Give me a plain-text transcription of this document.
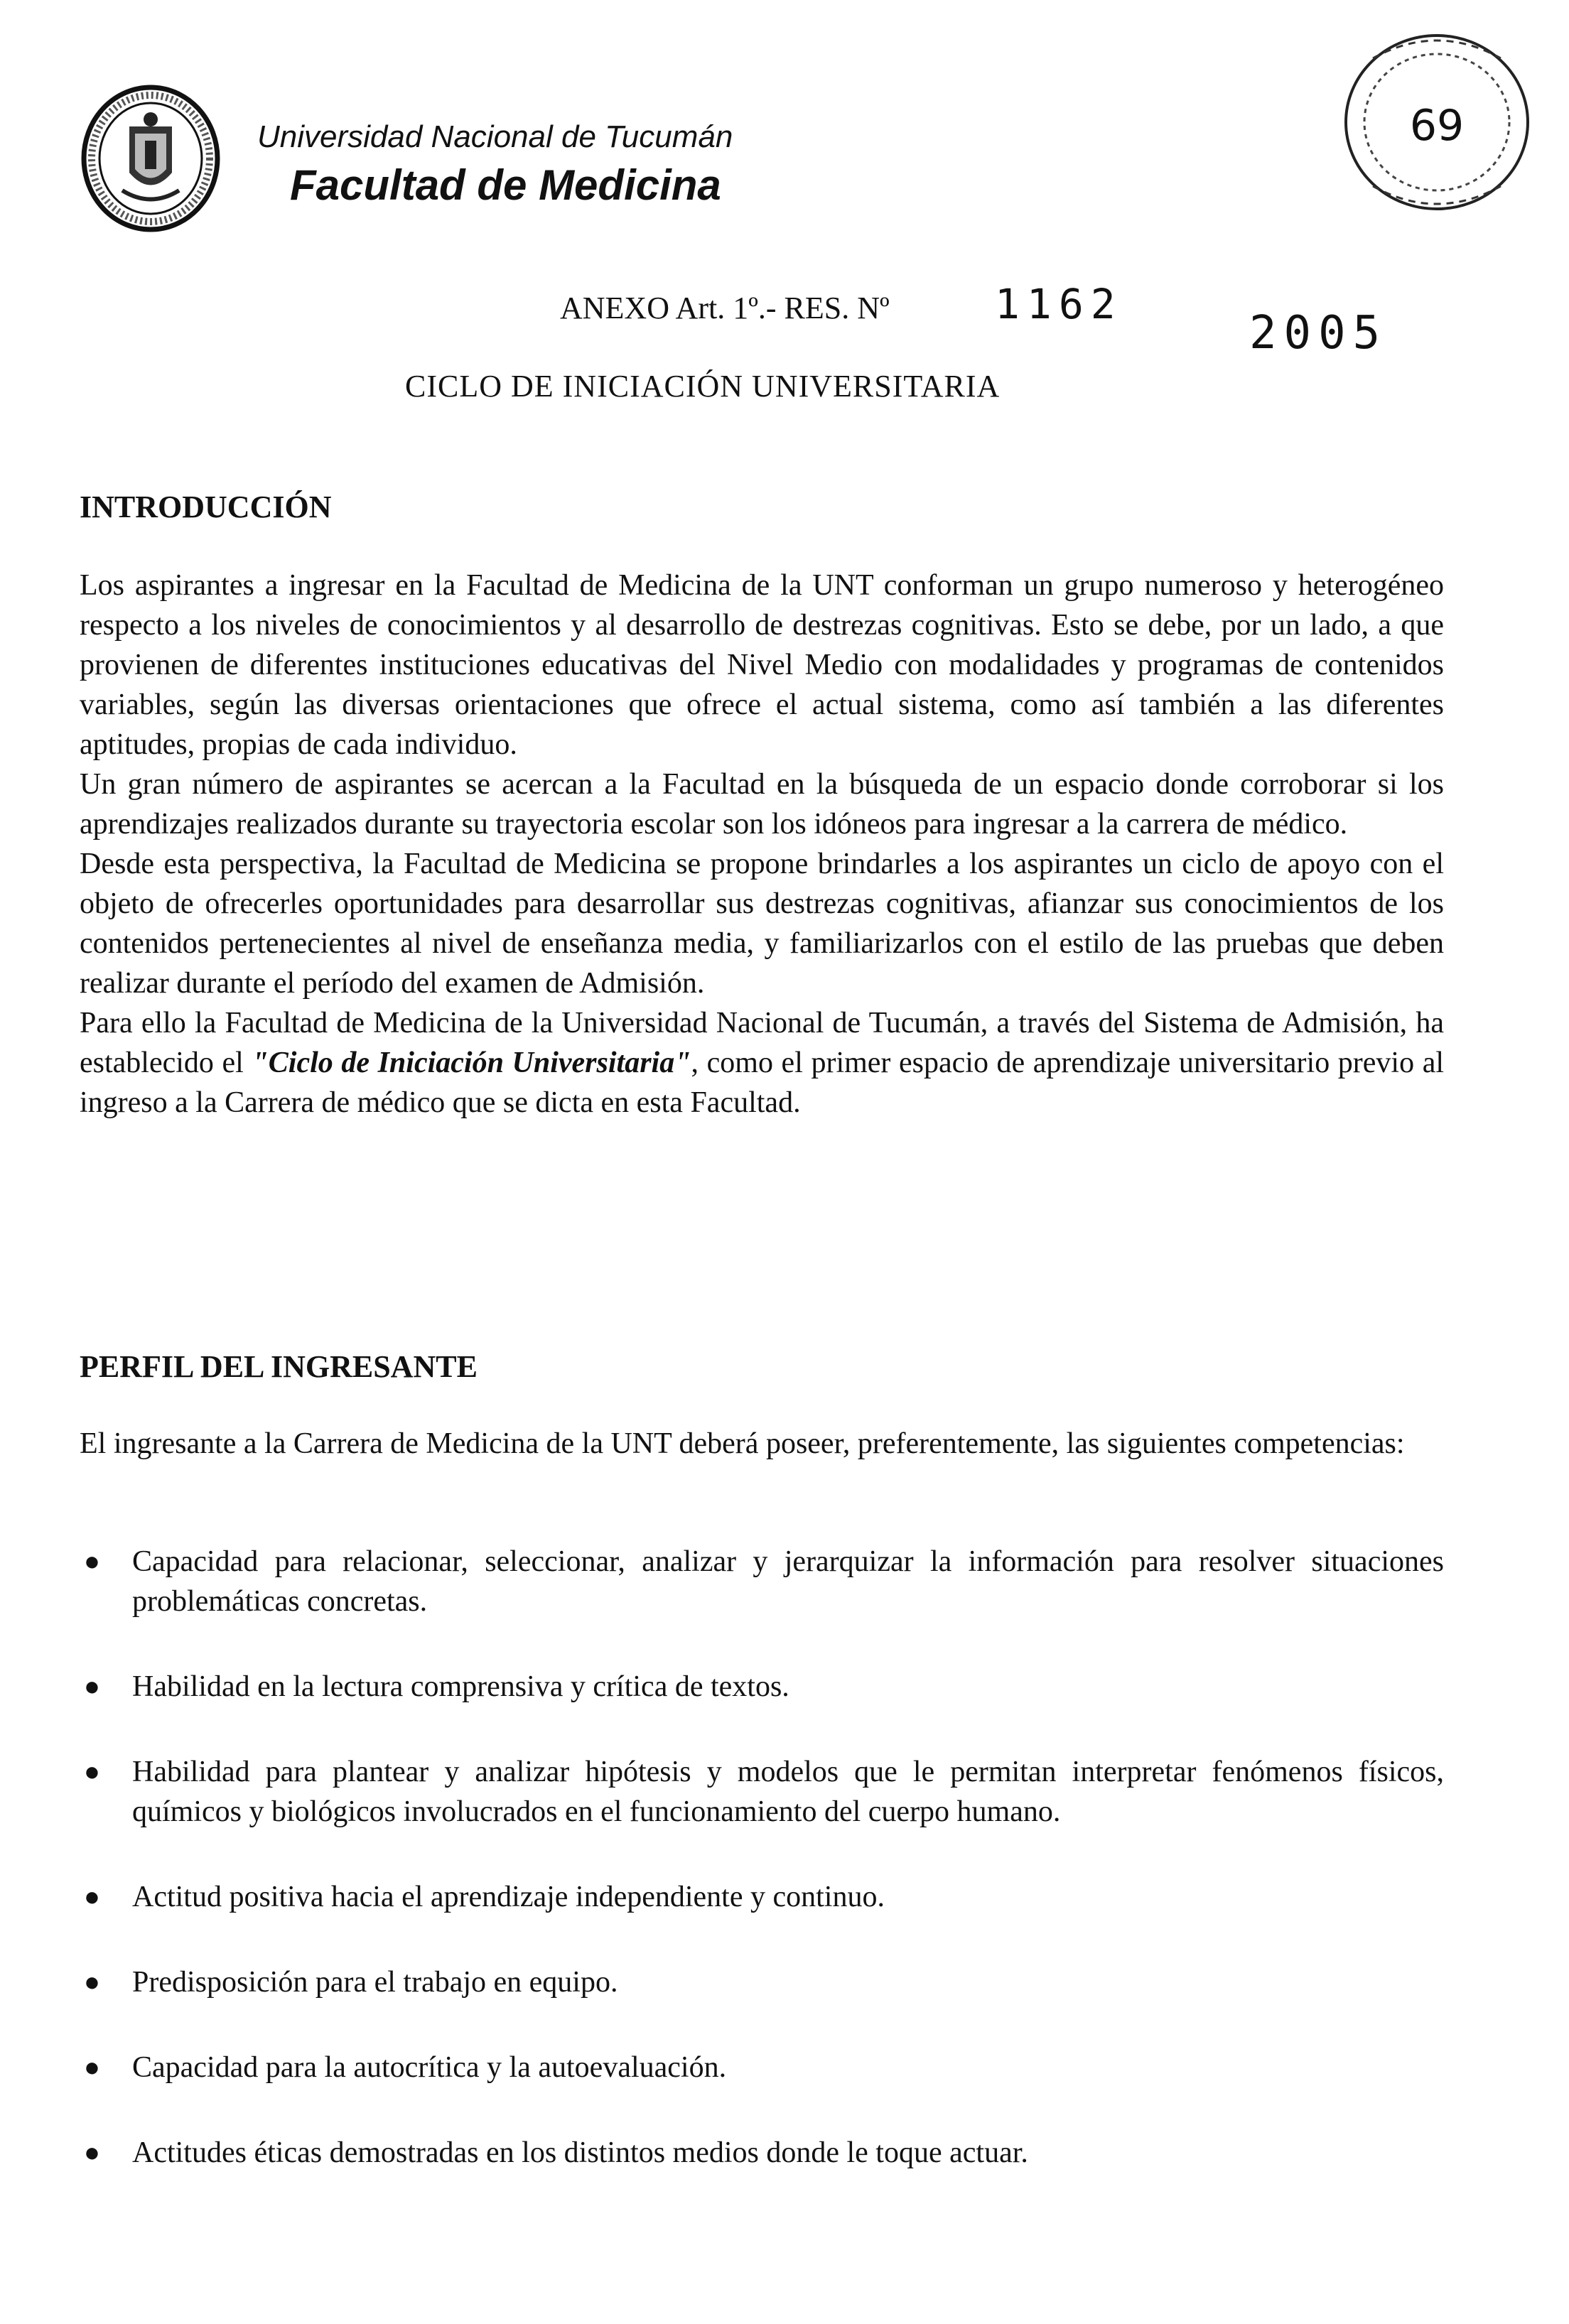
Universidad Nacional de Tucumán
Facultad de Medicina
69
ANEXO Art. 1º.- RES. Nº	1162
2005
CICLO DE INICIACIÓN UNIVERSITARIA
INTRODUCCIÓN

Los aspirantes a ingresar en la Facultad de Medicina de la UNT conforman un grupo numeroso y heterogéneo respecto a los niveles de conocimientos y al desarrollo de destrezas cognitivas. Esto se debe, por un lado, a que provienen de diferentes instituciones educativas del Nivel Medio con modalidades y programas de contenidos variables, según las diversas orientaciones que ofrece el actual sistema, como así también a las diferentes aptitudes, propias de cada individuo.

Un gran número de aspirantes se acercan a la Facultad en la búsqueda de un espacio donde corroborar si los aprendizajes realizados durante su trayectoria escolar son los idóneos para ingresar a la carrera de médico.

Desde esta perspectiva, la Facultad de Medicina se propone brindarles a los aspirantes un ciclo de apoyo con el objeto de ofrecerles oportunidades para desarrollar sus destrezas cognitivas, afianzar sus conocimientos de los contenidos pertenecientes al nivel de enseñanza media, y familiarizarlos con el estilo de las pruebas que deben realizar durante el período del examen de Admisión.

Para ello la Facultad de Medicina de la Universidad Nacional de Tucumán, a través del Sistema de Admisión, ha establecido el "Ciclo de Iniciación Universitaria", como el primer espacio de aprendizaje universitario previo al ingreso a la Carrera de médico que se dicta en esta Facultad.

PERFIL DEL INGRESANTE

El ingresante a la Carrera de Medicina de la UNT deberá poseer, preferentemente, las siguientes competencias:

● Capacidad para relacionar, seleccionar, analizar y jerarquizar la información para resolver situaciones problemáticas concretas.
● Habilidad en la lectura comprensiva y crítica de textos.
● Habilidad para plantear y analizar hipótesis y modelos que le permitan interpretar fenómenos físicos, químicos y biológicos involucrados en el funcionamiento del cuerpo humano.
● Actitud positiva hacia el aprendizaje independiente y continuo.
● Predisposición para el trabajo en equipo.
● Capacidad para la autocrítica y la autoevaluación.
● Actitudes éticas demostradas en los distintos medios donde le toque actuar.
